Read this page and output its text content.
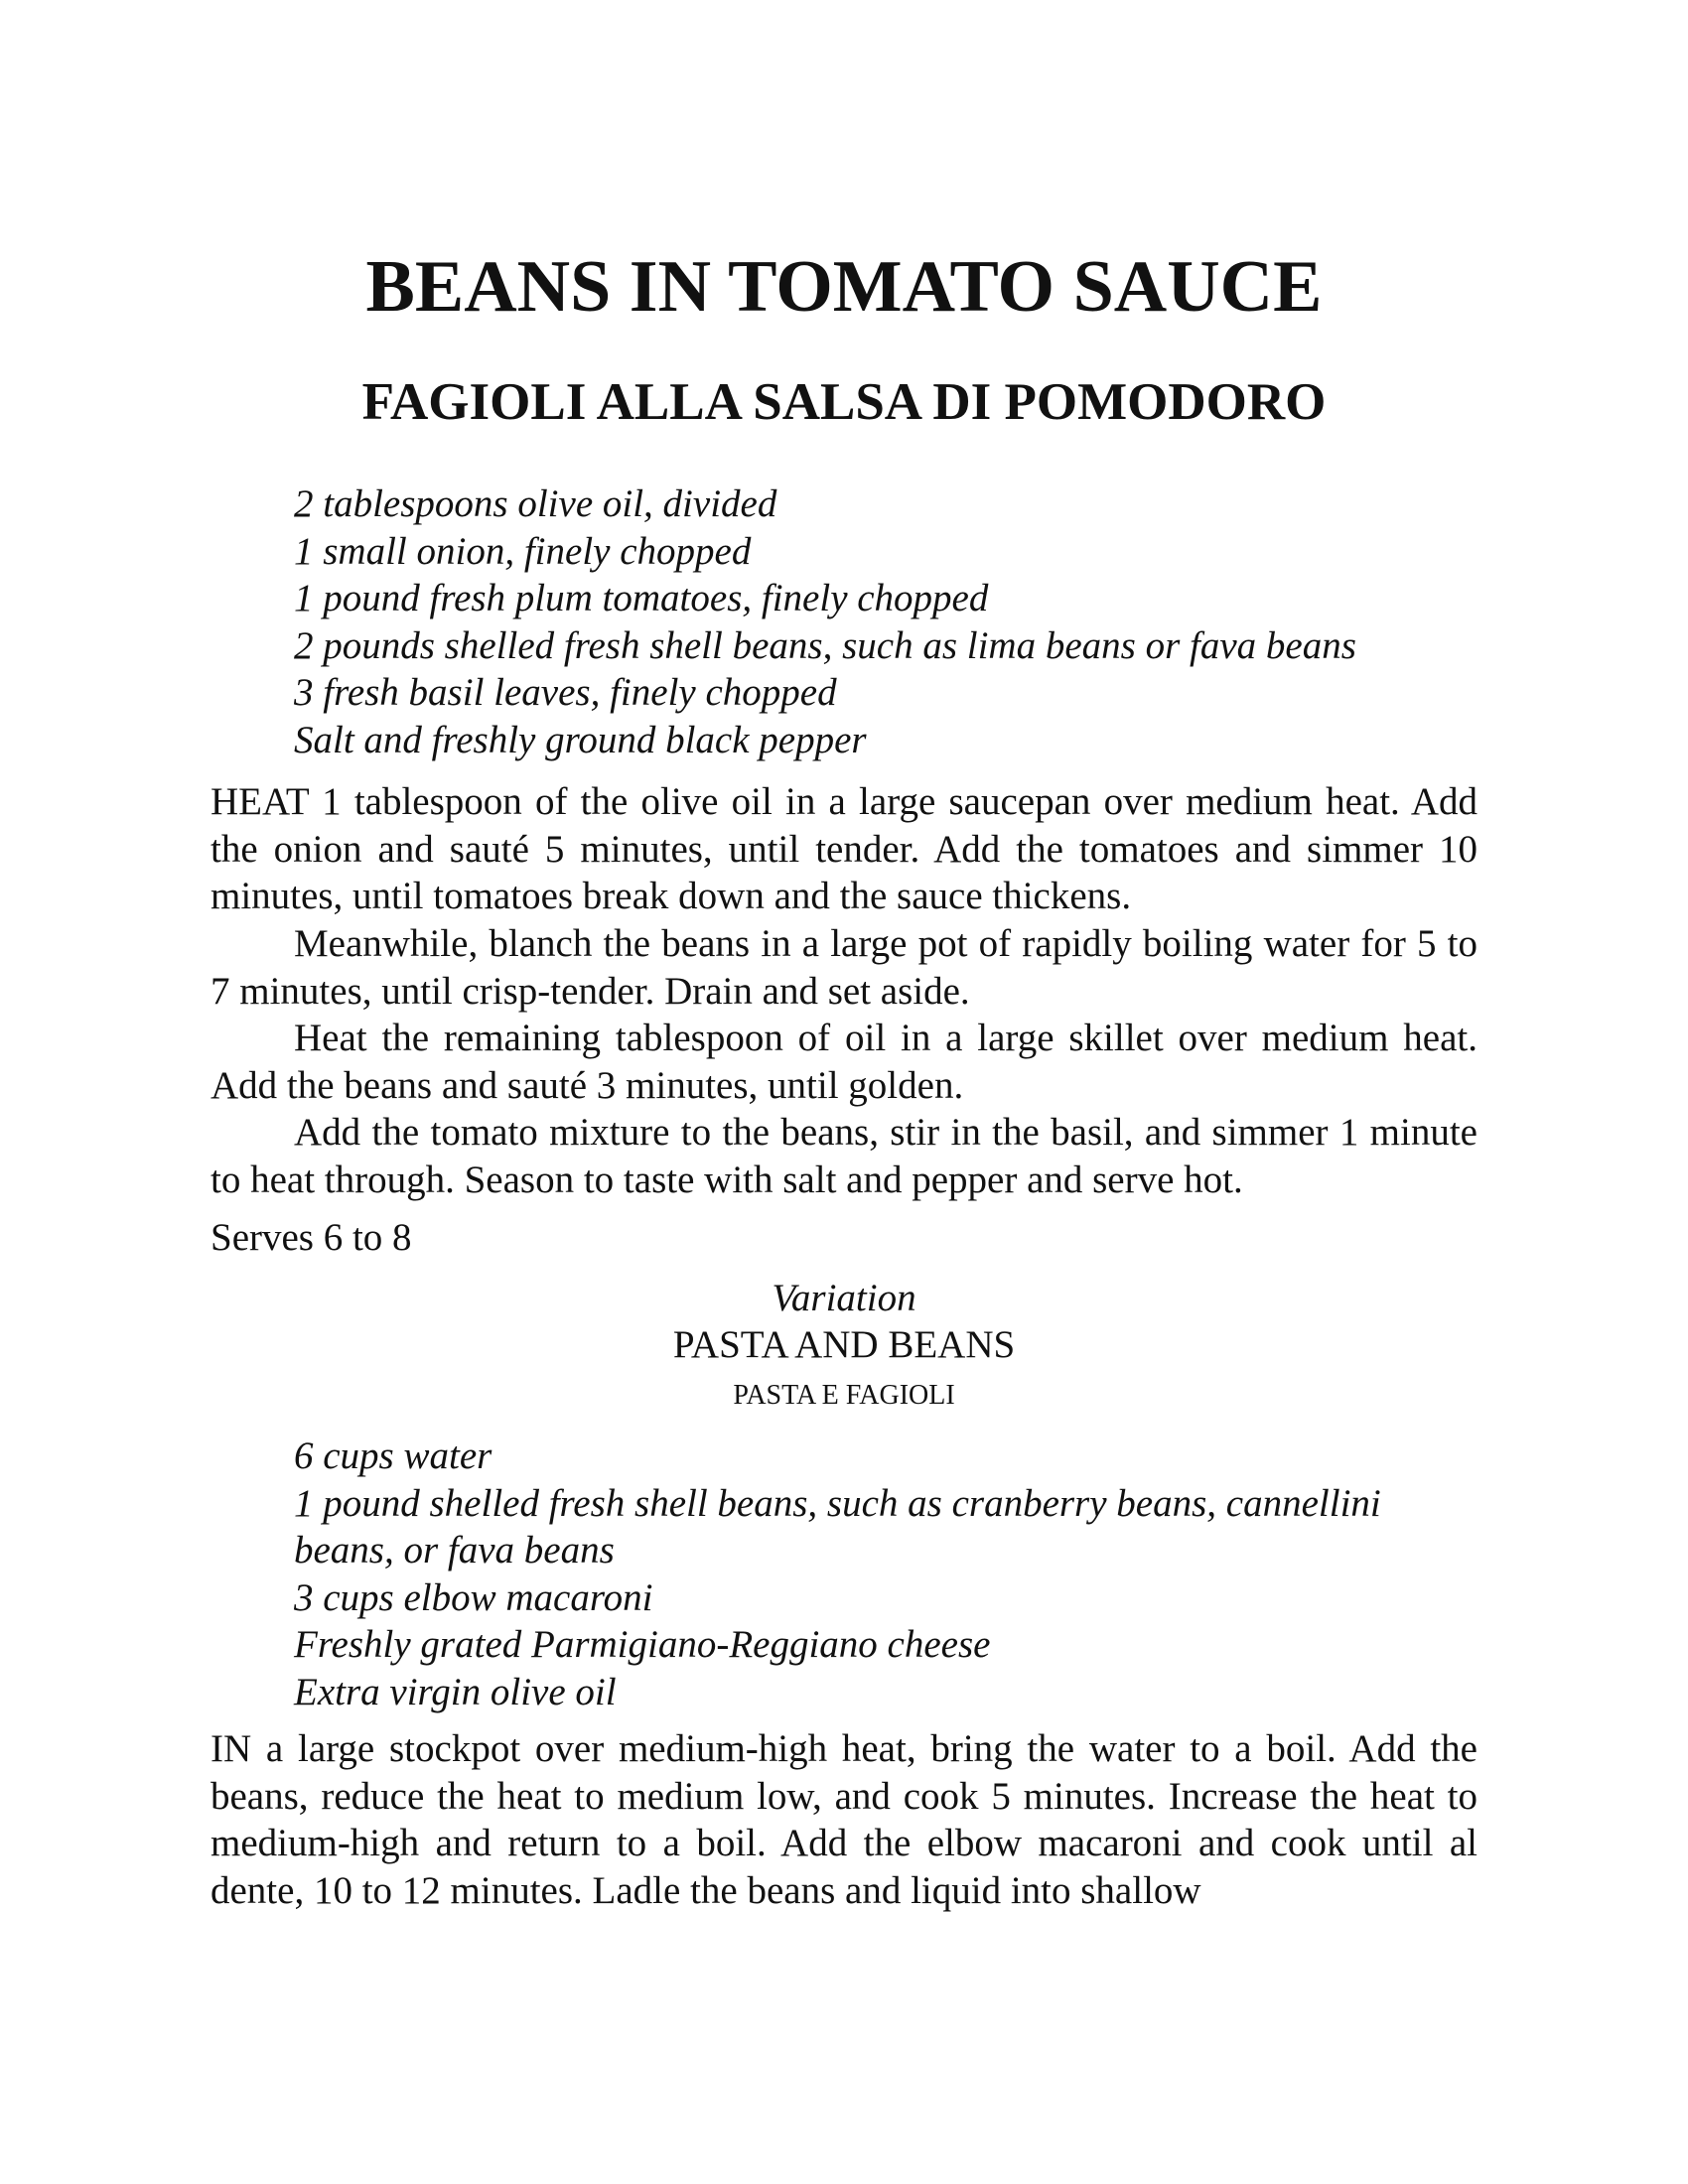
BEANS IN TOMATO SAUCE
FAGIOLI ALLA SALSA DI POMODORO
2 tablespoons olive oil, divided
1 small onion, finely chopped
1 pound fresh plum tomatoes, finely chopped
2 pounds shelled fresh shell beans, such as lima beans or fava beans
3 fresh basil leaves, finely chopped
Salt and freshly ground black pepper

HEAT 1 tablespoon of the olive oil in a large saucepan over medium heat. Add the onion and sauté 5 minutes, until tender. Add the tomatoes and simmer 10 minutes, until tomatoes break down and the sauce thickens.

Meanwhile, blanch the beans in a large pot of rapidly boiling water for 5 to 7 minutes, until crisp-tender. Drain and set aside.

Heat the remaining tablespoon of oil in a large skillet over medium heat. Add the beans and sauté 3 minutes, until golden.

Add the tomato mixture to the beans, stir in the basil, and simmer 1 minute to heat through. Season to taste with salt and pepper and serve hot.

Serves 6 to 8

Variation

PASTA AND BEANS

PASTA E FAGIOLI

6 cups water
1 pound shelled fresh shell beans, such as cranberry beans, cannellini beans, or fava beans
3 cups elbow macaroni
Freshly grated Parmigiano-Reggiano cheese
Extra virgin olive oil

IN a large stockpot over medium-high heat, bring the water to a boil. Add the beans, reduce the heat to medium low, and cook 5 minutes. Increase the heat to medium-high and return to a boil. Add the elbow macaroni and cook until al dente, 10 to 12 minutes. Ladle the beans and liquid into shallow
